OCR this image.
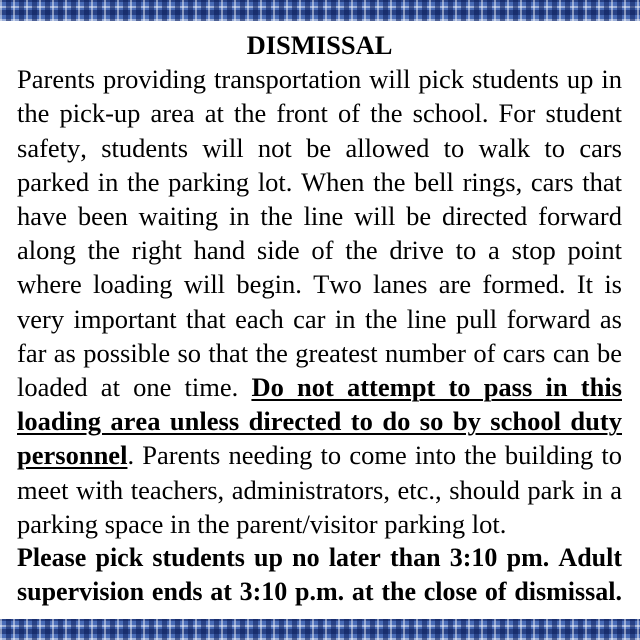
DISMISSAL

Parents providing transportation will pick students up in the pick-up area at the front of the school. For student safety, students will not be allowed to walk to cars parked in the parking lot. When the bell rings, cars that have been waiting in the line will be directed forward along the right hand side of the drive to a stop point where loading will begin. Two lanes are formed. It is very important that each car in the line pull forward as far as possible so that the greatest number of cars can be loaded at one time. Do not attempt to pass in this loading area unless directed to do so by school duty personnel. Parents needing to come into the building to meet with teachers, administrators, etc., should park in a parking space in the parent/visitor parking lot.

Please pick students up no later than 3:10 pm. Adult supervision ends at 3:10 p.m. at the close of dismissal.
